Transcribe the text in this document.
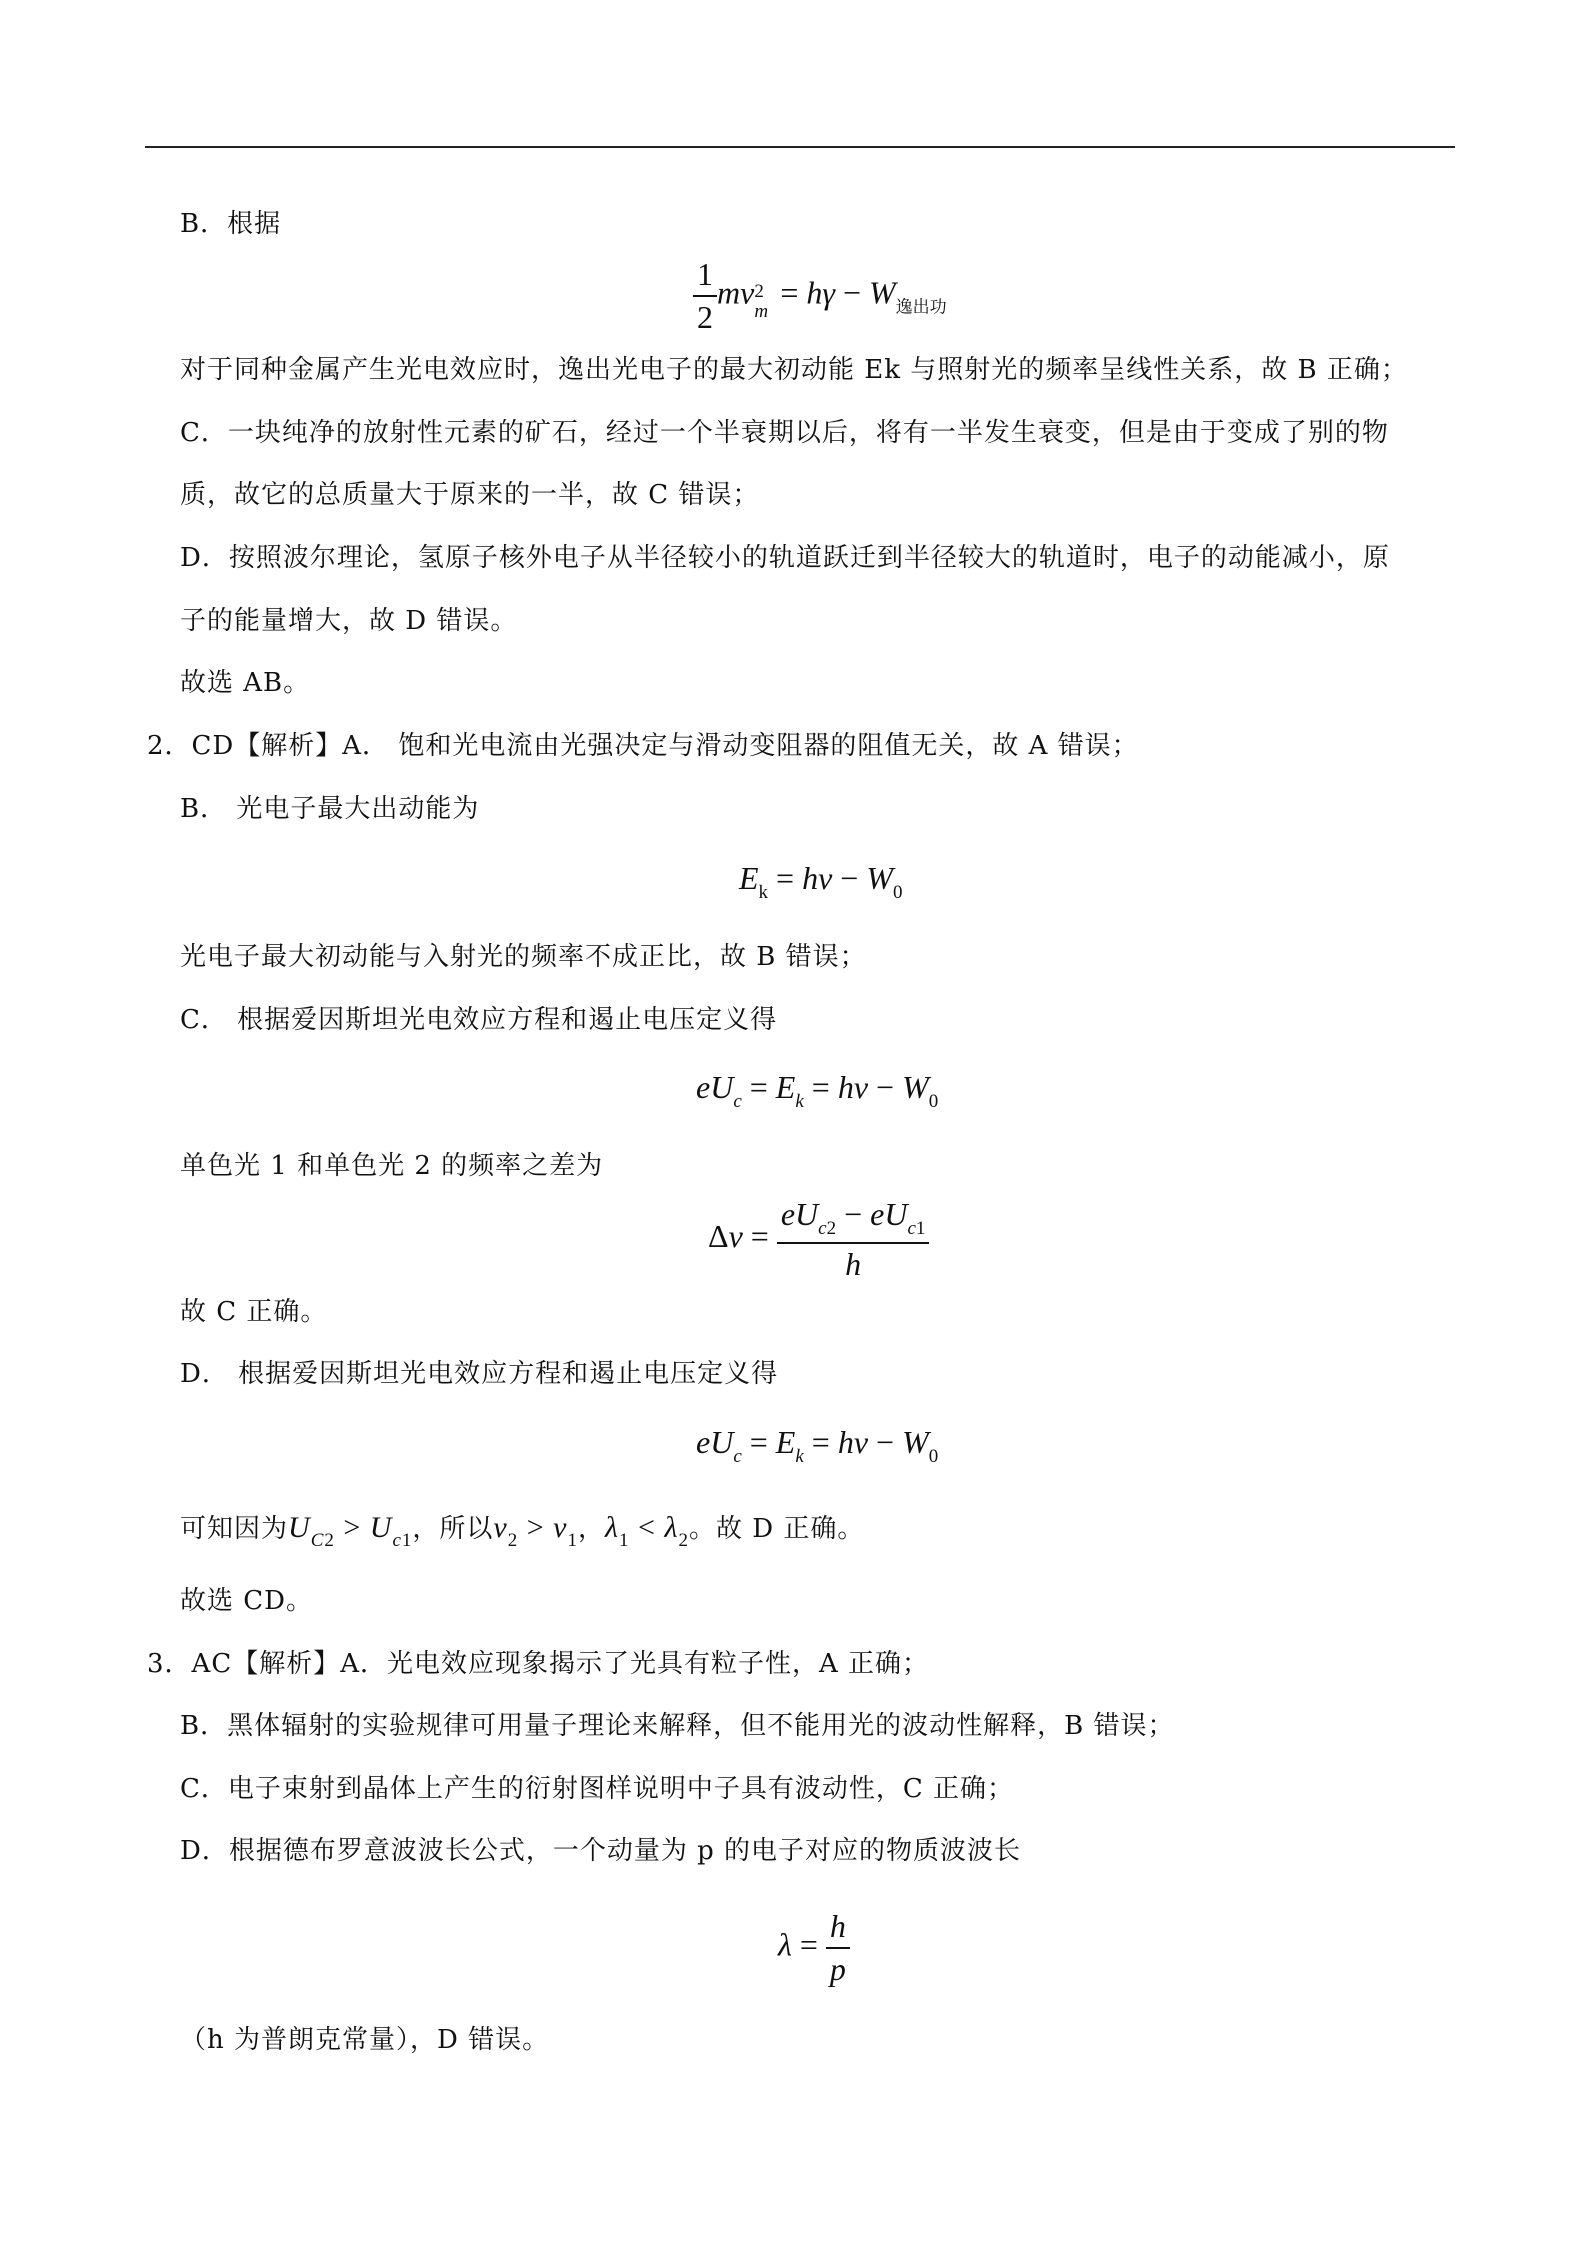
B．根据
$\frac{1}{2}$ mv 2
m
= $h\gamma - W_{逸出功}$
对于同种金属产生光电效应时，逸出光电子的最大初动能 Ek 与照射光的频率呈线性关系，故 B 正确；
C．一块纯净的放射性元素的矿石，经过一个半衰期以后，将有一半发生衰变，但是由于变成了别的物
质，故它的总质量大于原来的一半，故 C 错误；
D．按照波尔理论，氢原子核外电子从半径较小的轨道跃迁到半径较大的轨道时，电子的动能减小，原
子的能量增大，故 D 错误。
故选 AB。
2．CD【解析】A． 饱和光电流由光强决定与滑动变阻器的阻值无关，故 A 错误；
B． 光电子最大出动能为
$E_k$ = hv − $W_0$
光电子最大初动能与入射光的频率不成正比，故 B 错误；
C． 根据爱因斯坦光电效应方程和遏止电压定义得
$eU_c = E_k$ = hv − $W_0$
单色光 1 和单色光 2 的频率之差为
$\Delta v = \frac{eU_{c2} - eU_{c1}}{h}$
故 C 正确。
D． 根据爱因斯坦光电效应方程和遏止电压定义得
$eU_c = E_k$ = hv − $W_0$
可知因为$U_{C2} > U_{c1}$，所以$v_2 > v_1$，$\lambda_1 < \lambda_2$。故 D 正确。
故选 CD。
3．AC【解析】A．光电效应现象揭示了光具有粒子性，A 正确；
B．黑体辐射的实验规律可用量子理论来解释，但不能用光的波动性解释，B 错误；
C．电子束射到晶体上产生的衍射图样说明中子具有波动性，C 正确；
D．根据德布罗意波波长公式，一个动量为 p 的电子对应的物质波波长
$\lambda = \frac{h}{p}$
（h 为普朗克常量），D 错误。
